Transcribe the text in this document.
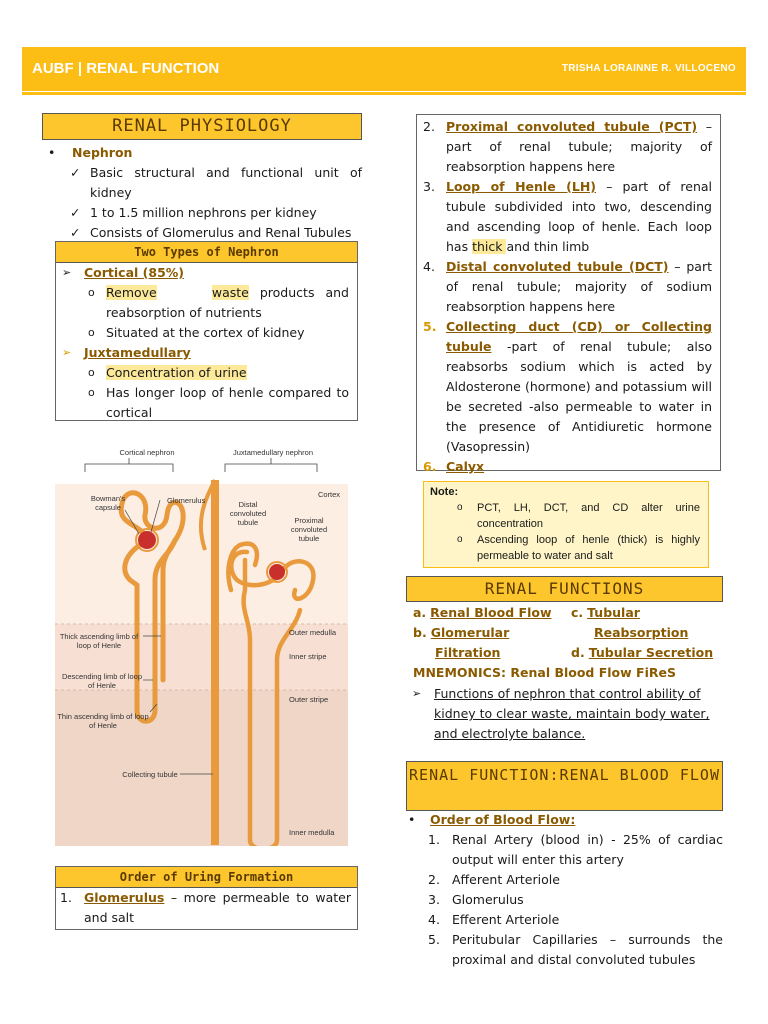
AUBF | RENAL FUNCTION	TRISHA LORAINNE R. VILLOCENO
RENAL PHYSIOLOGY
• Nephron
✓ Basic structural and functional unit of kidney
✓ 1 to 1.5 million nephrons per kidney
✓ Consists of Glomerulus and Renal Tubules
Two Types of Nephron
➢ Cortical (85%)
o Remove	waste products and reabsorption of nutrients
o Situated at the cortex of kidney
➢ Juxtamedullary
o Concentration of urine
o Has longer loop of henle compared to cortical
Cortical nephron	Juxtamedullary nephron
Cortex
Bowman's capsule
Glomerulus	Distal convoluted tubule	Proximal convoluted tubule
Outer medulla
Inner stripe
Outer stripe
Thick ascending limb of loop of Henle
Descending limb of loop of Henle
Thin ascending limb of loop of Henle
Collecting tubule
Inner medulla
Order of Uring Formation
1. Glomerulus – more permeable to water and salt
2. Proximal convoluted tubule (PCT) – part of renal tubule; majority of reabsorption happens here
3. Loop of Henle (LH) – part of renal tubule subdivided into two, descending and ascending loop of henle. Each loop has thick and thin limb
4. Distal convoluted tubule (DCT) – part of renal tubule; majority of sodium reabsorption happens here
5. Collecting duct (CD) or Collecting tubule -part of renal tubule; also reabsorbs sodium which is acted by Aldosterone (hormone) and potassium will be secreted -also permeable to water in the presence of Antidiuretic hormone (Vasopressin)
6. Calyx
Note:
o PCT, LH, DCT, and CD alter urine concentration
o Ascending loop of henle (thick) is highly permeable to water and salt
RENAL FUNCTIONS
a. Renal Blood Flow
b. Glomerular
Filtration
c. Tubular
Reabsorption
d. Tubular Secretion
MNEMONICS: Renal Blood Flow FiReS
➢ Functions of nephron that control ability of kidney to clear waste, maintain body water, and electrolyte balance.
RENAL FUNCTION:RENAL BLOOD FLOW
• Order of Blood Flow:
1. Renal Artery (blood in) - 25% of cardiac output will enter this artery
2. Afferent Arteriole
3. Glomerulus
4. Efferent Arteriole
5. Peritubular Capillaries – surrounds the proximal and distal convoluted tubules
